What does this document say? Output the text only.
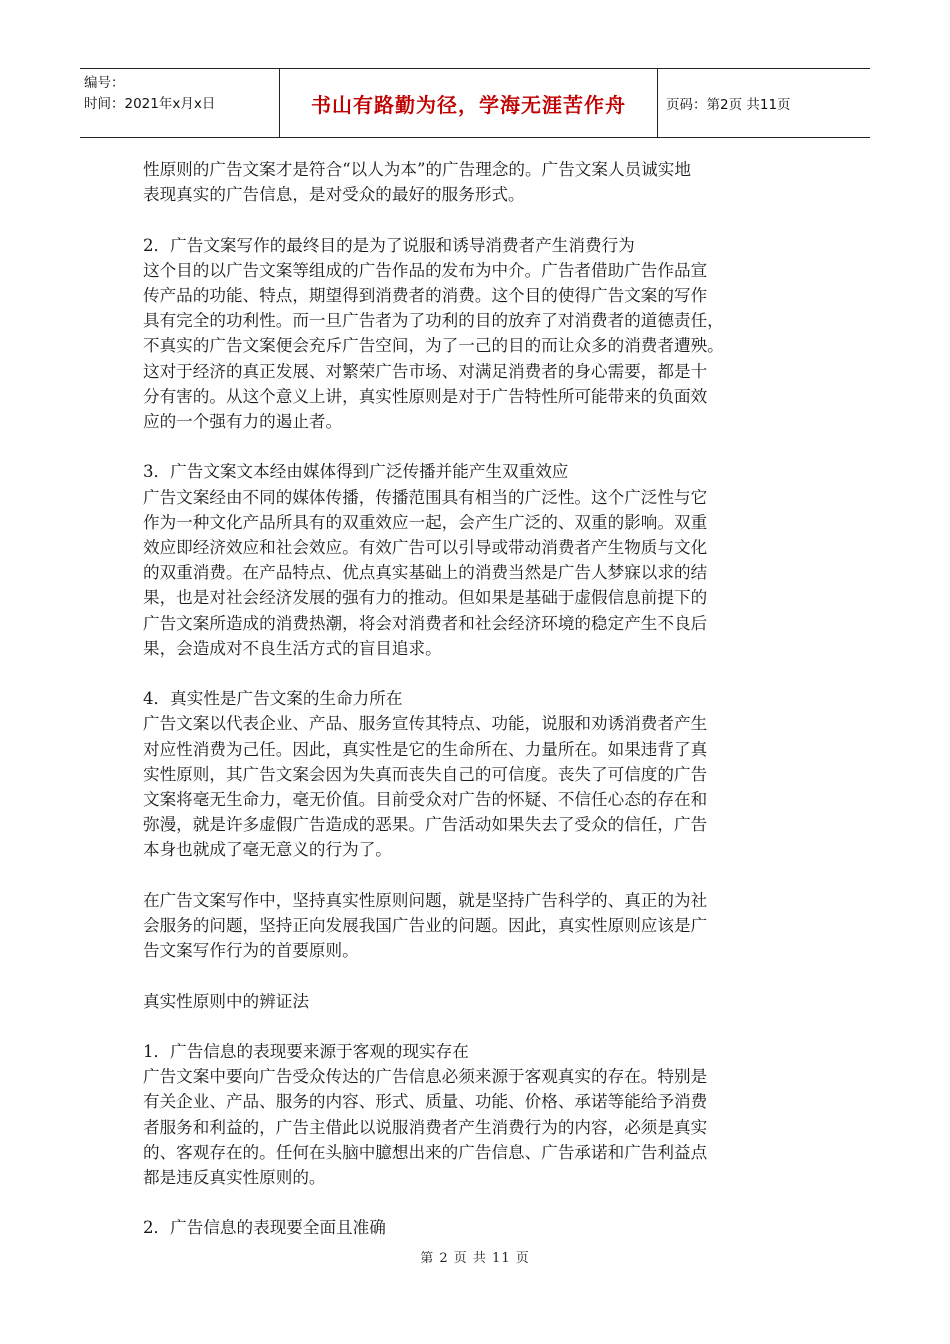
编号：
时间：2021年x月x日	书山有路勤为径，学海无涯苦作舟	页码：第2页 共11页

性原则的广告文案才是符合“以人为本”的广告理念的。广告文案人员诚实地

表现真实的广告信息，是对受众的最好的服务形式。

2．广告文案写作的最终目的是为了说服和诱导消费者产生消费行为

这个目的以广告文案等组成的广告作品的发布为中介。广告者借助广告作品宣

传产品的功能、特点，期望得到消费者的消费。这个目的使得广告文案的写作

具有完全的功利性。而一旦广告者为了功利的目的放弃了对消费者的道德责任，

不真实的广告文案便会充斥广告空间，为了一己的目的而让众多的消费者遭殃。

这对于经济的真正发展、对繁荣广告市场、对满足消费者的身心需要，都是十

分有害的。从这个意义上讲，真实性原则是对于广告特性所可能带来的负面效

应的一个强有力的遏止者。

3．广告文案文本经由媒体得到广泛传播并能产生双重效应

广告文案经由不同的媒体传播，传播范围具有相当的广泛性。这个广泛性与它

作为一种文化产品所具有的双重效应一起，会产生广泛的、双重的影响。双重

效应即经济效应和社会效应。有效广告可以引导或带动消费者产生物质与文化

的双重消费。在产品特点、优点真实基础上的消费当然是广告人梦寐以求的结

果，也是对社会经济发展的强有力的推动。但如果是基础于虚假信息前提下的

广告文案所造成的消费热潮，将会对消费者和社会经济环境的稳定产生不良后

果，会造成对不良生活方式的盲目追求。

4．真实性是广告文案的生命力所在

广告文案以代表企业、产品、服务宣传其特点、功能，说服和劝诱消费者产生

对应性消费为己任。因此，真实性是它的生命所在、力量所在。如果违背了真

实性原则，其广告文案会因为失真而丧失自己的可信度。丧失了可信度的广告

文案将毫无生命力，毫无价值。目前受众对广告的怀疑、不信任心态的存在和

弥漫，就是许多虚假广告造成的恶果。广告活动如果失去了受众的信任，广告

本身也就成了毫无意义的行为了。

在广告文案写作中，坚持真实性原则问题，就是坚持广告科学的、真正的为社

会服务的问题，坚持正向发展我国广告业的问题。因此，真实性原则应该是广

告文案写作行为的首要原则。

真实性原则中的辨证法

1．广告信息的表现要来源于客观的现实存在

广告文案中要向广告受众传达的广告信息必须来源于客观真实的存在。特别是

有关企业、产品、服务的内容、形式、质量、功能、价格、承诺等能给予消费

者服务和利益的，广告主借此以说服消费者产生消费行为的内容，必须是真实

的、客观存在的。任何在头脑中臆想出来的广告信息、广告承诺和广告利益点

都是违反真实性原则的。

2．广告信息的表现要全面且准确

第 2 页 共 11 页
